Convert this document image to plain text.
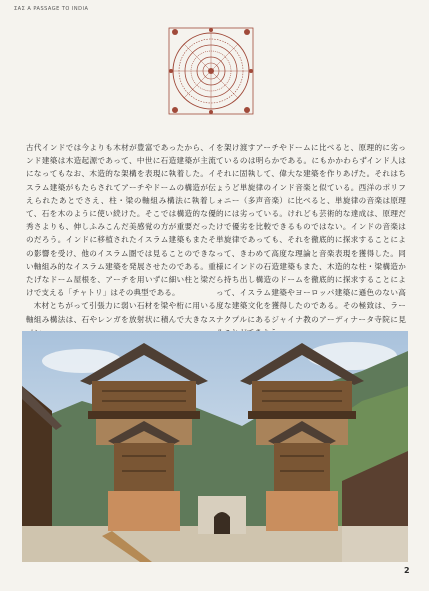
ΣΑΣ A PASSAGE TO INDIA

古代インドでは今よりも木材が豊富であったから、インド建築は木造起源であって、中世に石造建築が主流になってもなお、木造的な架構を表現に執着した。イスラム建築がもたらされてアーチやドームの構造が伝えられたあとでさえ、柱・梁の軸組み構法に執着して、石を木のように使い続けた。そこでは構造的な優秀さよりも、伸しふみこんだ美感覚の方が重要だったのだろう。インドに移植されたイスラム建築もまたその影響を受け、他のイスラム圏では見ることのできない軸組み的なイスラム建築を発展させたのである。重たげなドーム屋根を、アーチを用いずに細い柱と梁だけで支える「チャトリ」はその典型である。

木材とちがって引張力に弱い石材を梁や桁に用いる軸組み構法は、石やレンガを放射状に積んで大きなス

を架け渡すアーチやドームに比べると、原理的に劣っているのは明らかである。にもかかわらずインド人はそれに固執して、偉大な建築を作りあげた。それはちょうど単旋律のインド音楽と似ている。西洋のポリフォニー（多声音楽）に比べると、単旋律の音楽は原理的には劣っている。けれども芸術的な達成は、原理だけで優劣を比較できるものではない。インドの音楽は単旋律であっても、それを徹底的に探求することによって、きわめて高度な理論と音楽表現を獲得した。同様にインドの石造建築もまた、木造的な柱・梁構造から持ち出し構造のドームを徹底的に探求することによって、イスラム建築やヨーロッパ建築に遜色のない高度な建築文化を獲得したのである。その極致は、ラーナクプルにあるジャイナ教のアーディナータ寺院に見

2
